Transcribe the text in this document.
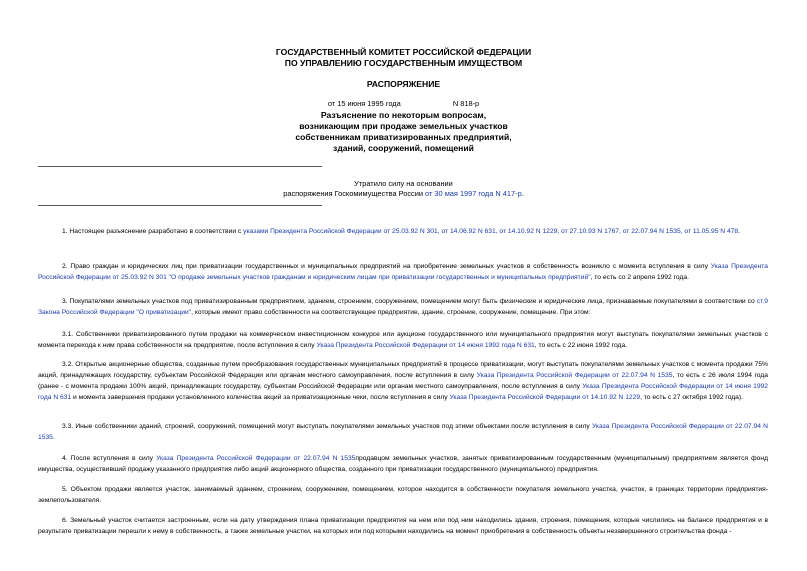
ГОСУДАРСТВЕННЫЙ КОМИТЕТ РОССИЙСКОЙ ФЕДЕРАЦИИ
ПО УПРАВЛЕНИЮ ГОСУДАРСТВЕННЫМ ИМУЩЕСТВОМ
РАСПОРЯЖЕНИЕ
от 15 июня 1995 года	N 818-р
Разъяснение по некоторым вопросам,
возникающим при продаже земельных участков
собственникам приватизированных предприятий,
зданий, сооружений, помещений
Утратило силу на основании
распоряжения Госкомимущества России от 30 мая 1997 года N 417-р.

1. Настоящее разъяснение разработано в соответствии с указами Президента Российской Федерации от 25.03.92 N 301, от 14.06.92 N 631, от 14.10.92 N 1229, от 27.10.93 N 1767, от 22.07.94 N 1535, от 11.05.95 N 478.

2. Право граждан и юридических лиц при приватизации государственных и муниципальных предприятий на приобретение земельных участков в собственность возникло с момента вступления в силу Указа Президента Российской Федерации от 25.03.92 N 301 "О продаже земельных участков гражданам и юридическим лицам при приватизации государственных и муниципальных предприятий", то есть со 2 апреля 1992 года.

3. Покупателями земельных участков под приватизированным предприятием, зданием, строением, сооружением, помещением могут быть физические и юридические лица, признаваемые покупателями в соответствии со ст.9 Закона Российской Федерации "О приватизации", которые имеют право собственности на соответствующее предприятие, здание, строение, сооружение, помещение. При этом:

3.1. Собственники приватизированного путем продажи на коммерческом инвестиционном конкурсе или аукционе государственного или муниципального предприятия могут выступать покупателями земельных участков с момента перехода к ним права собственности на предприятие, после вступления в силу Указа Президента Российской Федерации от 14 июня 1992 года N 631, то есть с 22 июня 1992 года.

3.2. Открытые акционерные общества, созданные путем преобразования государственных муниципальных предприятий в процессе приватизации, могут выступать покупателями земельных участков с момента продажи 75% акций, принадлежащих государству, субъектам Российской Федерации или органам местного самоуправления, после вступления в силу Указа Президента Российской Федерации от 22.07.94 N 1535, то есть с 26 июля 1994 года (ранее - с момента продажи 100% акций, принадлежащих государству, субъектам Российской Федерации или органам местного самоуправления, после вступления в силу Указа Президента Российской Федерации от 14 июня 1992 года N 631 и момента завершения продажи установленного количества акций за приватизационные чеки, после вступления в силу Указа Президента Российской Федерации от 14.10.92 N 1229, то есть с 27 октября 1992 года).

3.3. Иные собственники зданий, строений, сооружений, помещений могут выступать покупателями земельных участков под этими объектами после вступления в силу Указа Президента Российской Федерации от 22.07.94 N 1535.

4. После вступления в силу Указа Президента Российской Федерации от 22.07.94 N 1535продавцом земельных участков, занятых приватизированным государственным (муниципальным) предприятием является фонд имущества, осуществивший продажу указанного предприятия либо акций акционерного общества, созданного при приватизации государственного (муниципального) предприятия.

5. Объектом продажи является участок, занимаемый зданием, строением, сооружением, помещением, которое находится в собственности покупателя земельного участка, участок, в границах территории предприятия-землепользователя.

6. Земельный участок считается застроенным, если на дату утверждения плана приватизации предприятия на нем или под ним находились здания, строения, помещения, которые числились на балансе предприятия и в результате приватизации перешли к нему в собственность, а также земельные участки, на которых или под которыми находились на момент приобретения в собственность объекты незавершенного строительства фонда -
